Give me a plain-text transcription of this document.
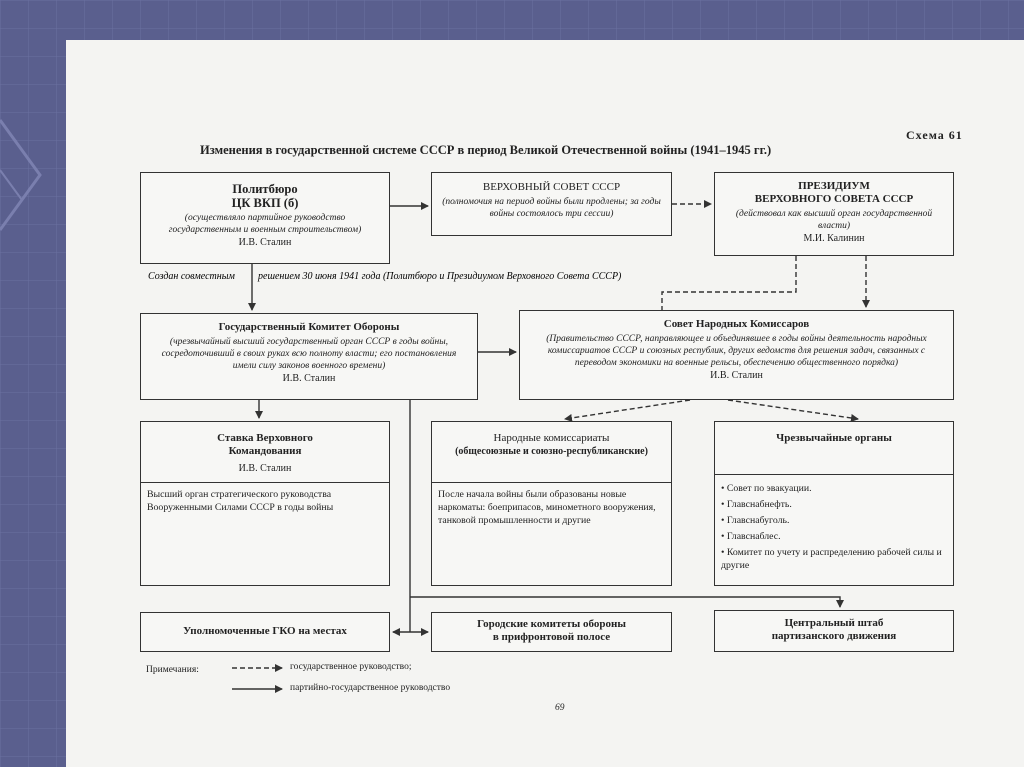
Схема 61
Изменения в государственной системе СССР в период Великой Отечественной войны (1941–1945 гг.)
Политбюро
ЦК ВКП (б)
(осуществляло партийное руководство государственным и военным строительством)
И.В. Сталин
ВЕРХОВНЫЙ СОВЕТ СССР
(полномочия на период войны были продлены; за годы войны состоялось три сессии)
ПРЕЗИДИУМ
ВЕРХОВНОГО СОВЕТА СССР
(действовал как высший орган государственной власти)
М.И. Калинин
Создан совместным решением 30 июня 1941 года (Политбюро и Президиумом Верховного Совета СССР)
Государственный Комитет Обороны
(чрезвычайный высший государственный орган СССР в годы войны, сосредоточивший в своих руках всю полноту власти; его постановления имели силу законов военного времени)
И.В. Сталин
Совет Народных Комиссаров
(Правительство СССР, направляющее и объединявшее в годы войны деятельность народных комиссариатов СССР и союзных республик, других ведомств для решения задач, связанных с переводом экономики на военные рельсы, обеспечению общественного порядка)
И.В. Сталин
Ставка Верховного
Командования
И.В. Сталин
Высший орган стратегического руководства Вооруженными Силами СССР в годы войны
Народные комиссариаты
(общесоюзные и союзно-республиканские)
После начала войны были образованы новые наркоматы: боеприпасов, минометного вооружения, танковой промышленности и другие
Чрезвычайные органы
• Совет по эвакуации.
• Главснабнефть.
• Главснабуголь.
• Главснаблес.
• Комитет по учету и распределению рабочей силы и другие
Уполномоченные ГКО на местах
Городские комитеты обороны
в прифронтовой полосе
Центральный штаб
партизанского движения
Примечания:	государственное руководство;
партийно-государственное руководство
69
